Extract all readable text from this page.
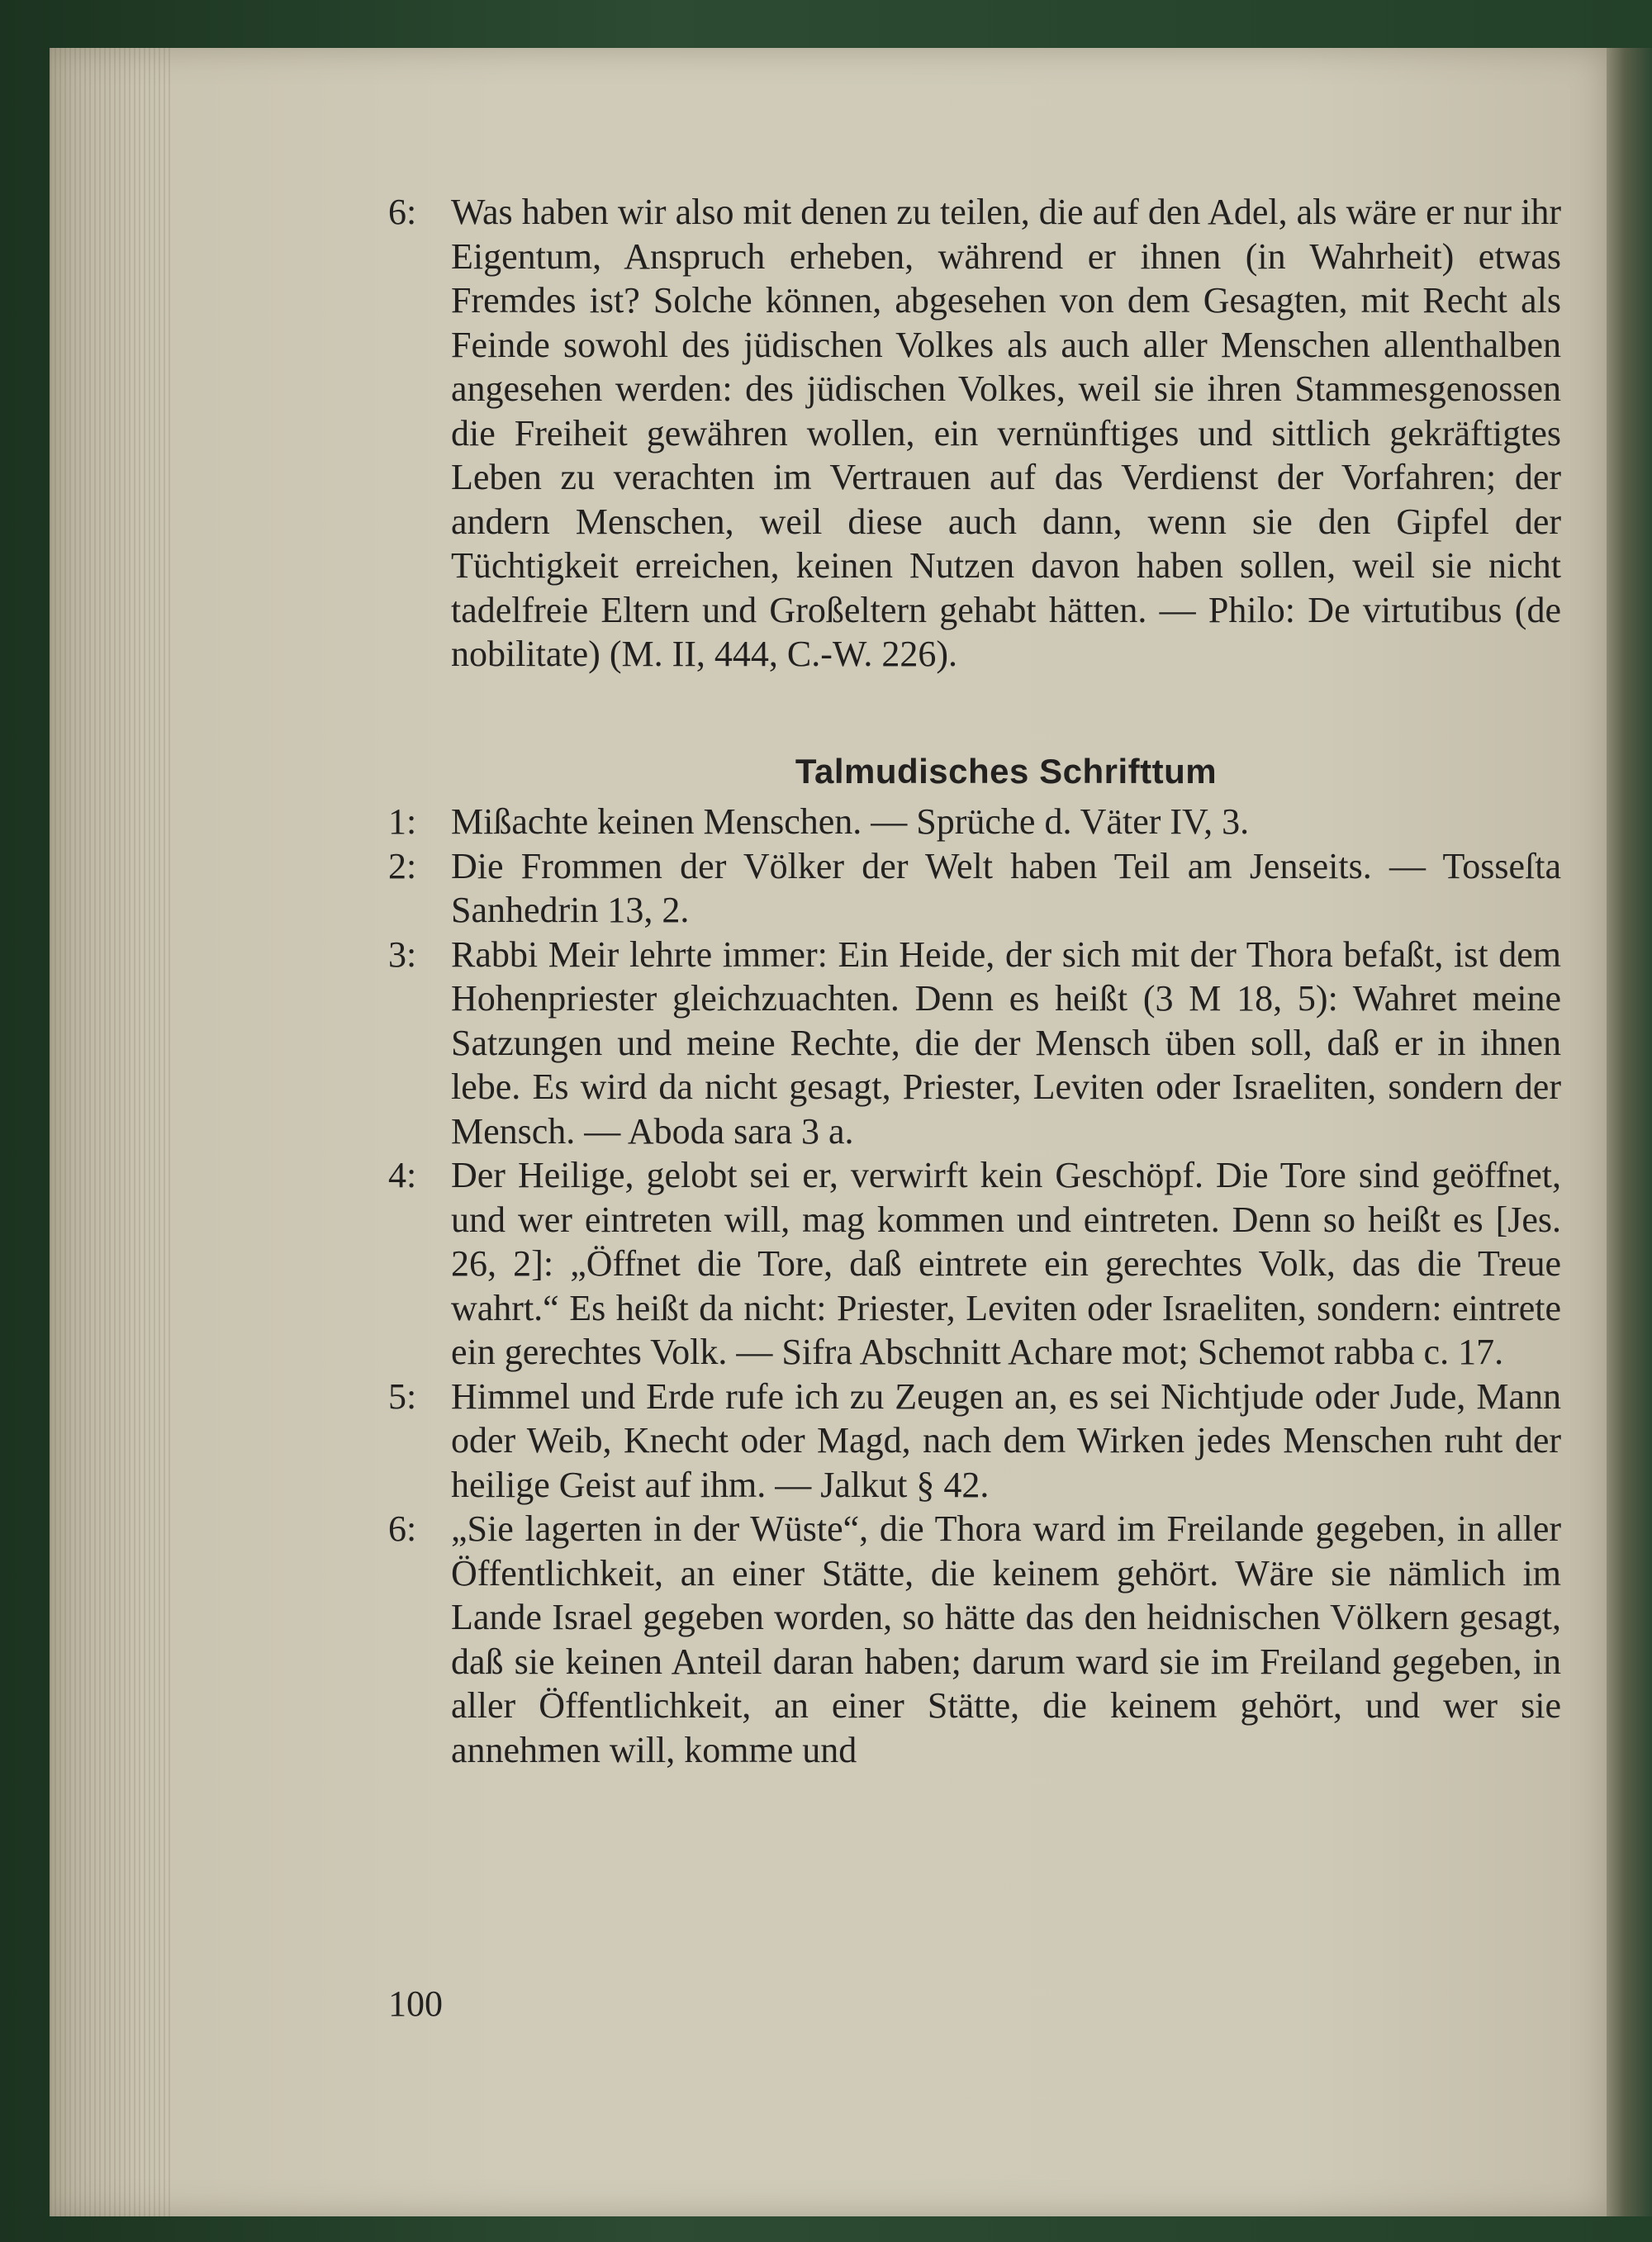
6: Was haben wir also mit denen zu teilen, die auf den Adel, als wäre er nur ihr Eigentum, Anspruch erheben, während er ihnen (in Wahrheit) etwas Fremdes ist? Solche können, abgesehen von dem Gesagten, mit Recht als Feinde sowohl des jüdischen Volkes als auch aller Menschen allenthalben angesehen werden: des jüdischen Volkes, weil sie ihren Stammesgenossen die Freiheit gewähren wollen, ein vernünftiges und sittlich gekräftigtes Leben zu verachten im Vertrauen auf das Verdienst der Vorfahren; der andern Menschen, weil diese auch dann, wenn sie den Gipfel der Tüchtigkeit erreichen, keinen Nutzen davon haben sollen, weil sie nicht tadelfreie Eltern und Großeltern gehabt hätten. — Philo: De virtutibus (de nobilitate) (M. II, 444, C.-W. 226).
Talmudisches Schrifttum
1: Mißachte keinen Menschen. — Sprüche d. Väter IV, 3.
2: Die Frommen der Völker der Welt haben Teil am Jenseits. — Tosseſta Sanhedrin 13, 2.
3: Rabbi Meir lehrte immer: Ein Heide, der sich mit der Thora befaßt, ist dem Hohenpriester gleichzuachten. Denn es heißt (3 M 18, 5): Wahret meine Satzungen und meine Rechte, die der Mensch üben soll, daß er in ihnen lebe. Es wird da nicht gesagt, Priester, Leviten oder Israeliten, sondern der Mensch. — Aboda sara 3 a.
4: Der Heilige, gelobt sei er, verwirft kein Geschöpf. Die Tore sind geöffnet, und wer eintreten will, mag kommen und eintreten. Denn so heißt es [Jes. 26, 2]: „Öffnet die Tore, daß eintrete ein gerechtes Volk, das die Treue wahrt.“ Es heißt da nicht: Priester, Leviten oder Israeliten, sondern: eintrete ein gerechtes Volk. — Sifra Abschnitt Achare mot; Schemot rabba c. 17.
5: Himmel und Erde rufe ich zu Zeugen an, es sei Nichtjude oder Jude, Mann oder Weib, Knecht oder Magd, nach dem Wirken jedes Menschen ruht der heilige Geist auf ihm. — Jalkut § 42.
6: „Sie lagerten in der Wüste“, die Thora ward im Freilande gegeben, in aller Öffentlichkeit, an einer Stätte, die keinem gehört. Wäre sie nämlich im Lande Israel gegeben worden, so hätte das den heidnischen Völkern gesagt, daß sie keinen Anteil daran haben; darum ward sie im Freiland gegeben, in aller Öffentlichkeit, an einer Stätte, die keinem gehört, und wer sie annehmen will, komme und
100
